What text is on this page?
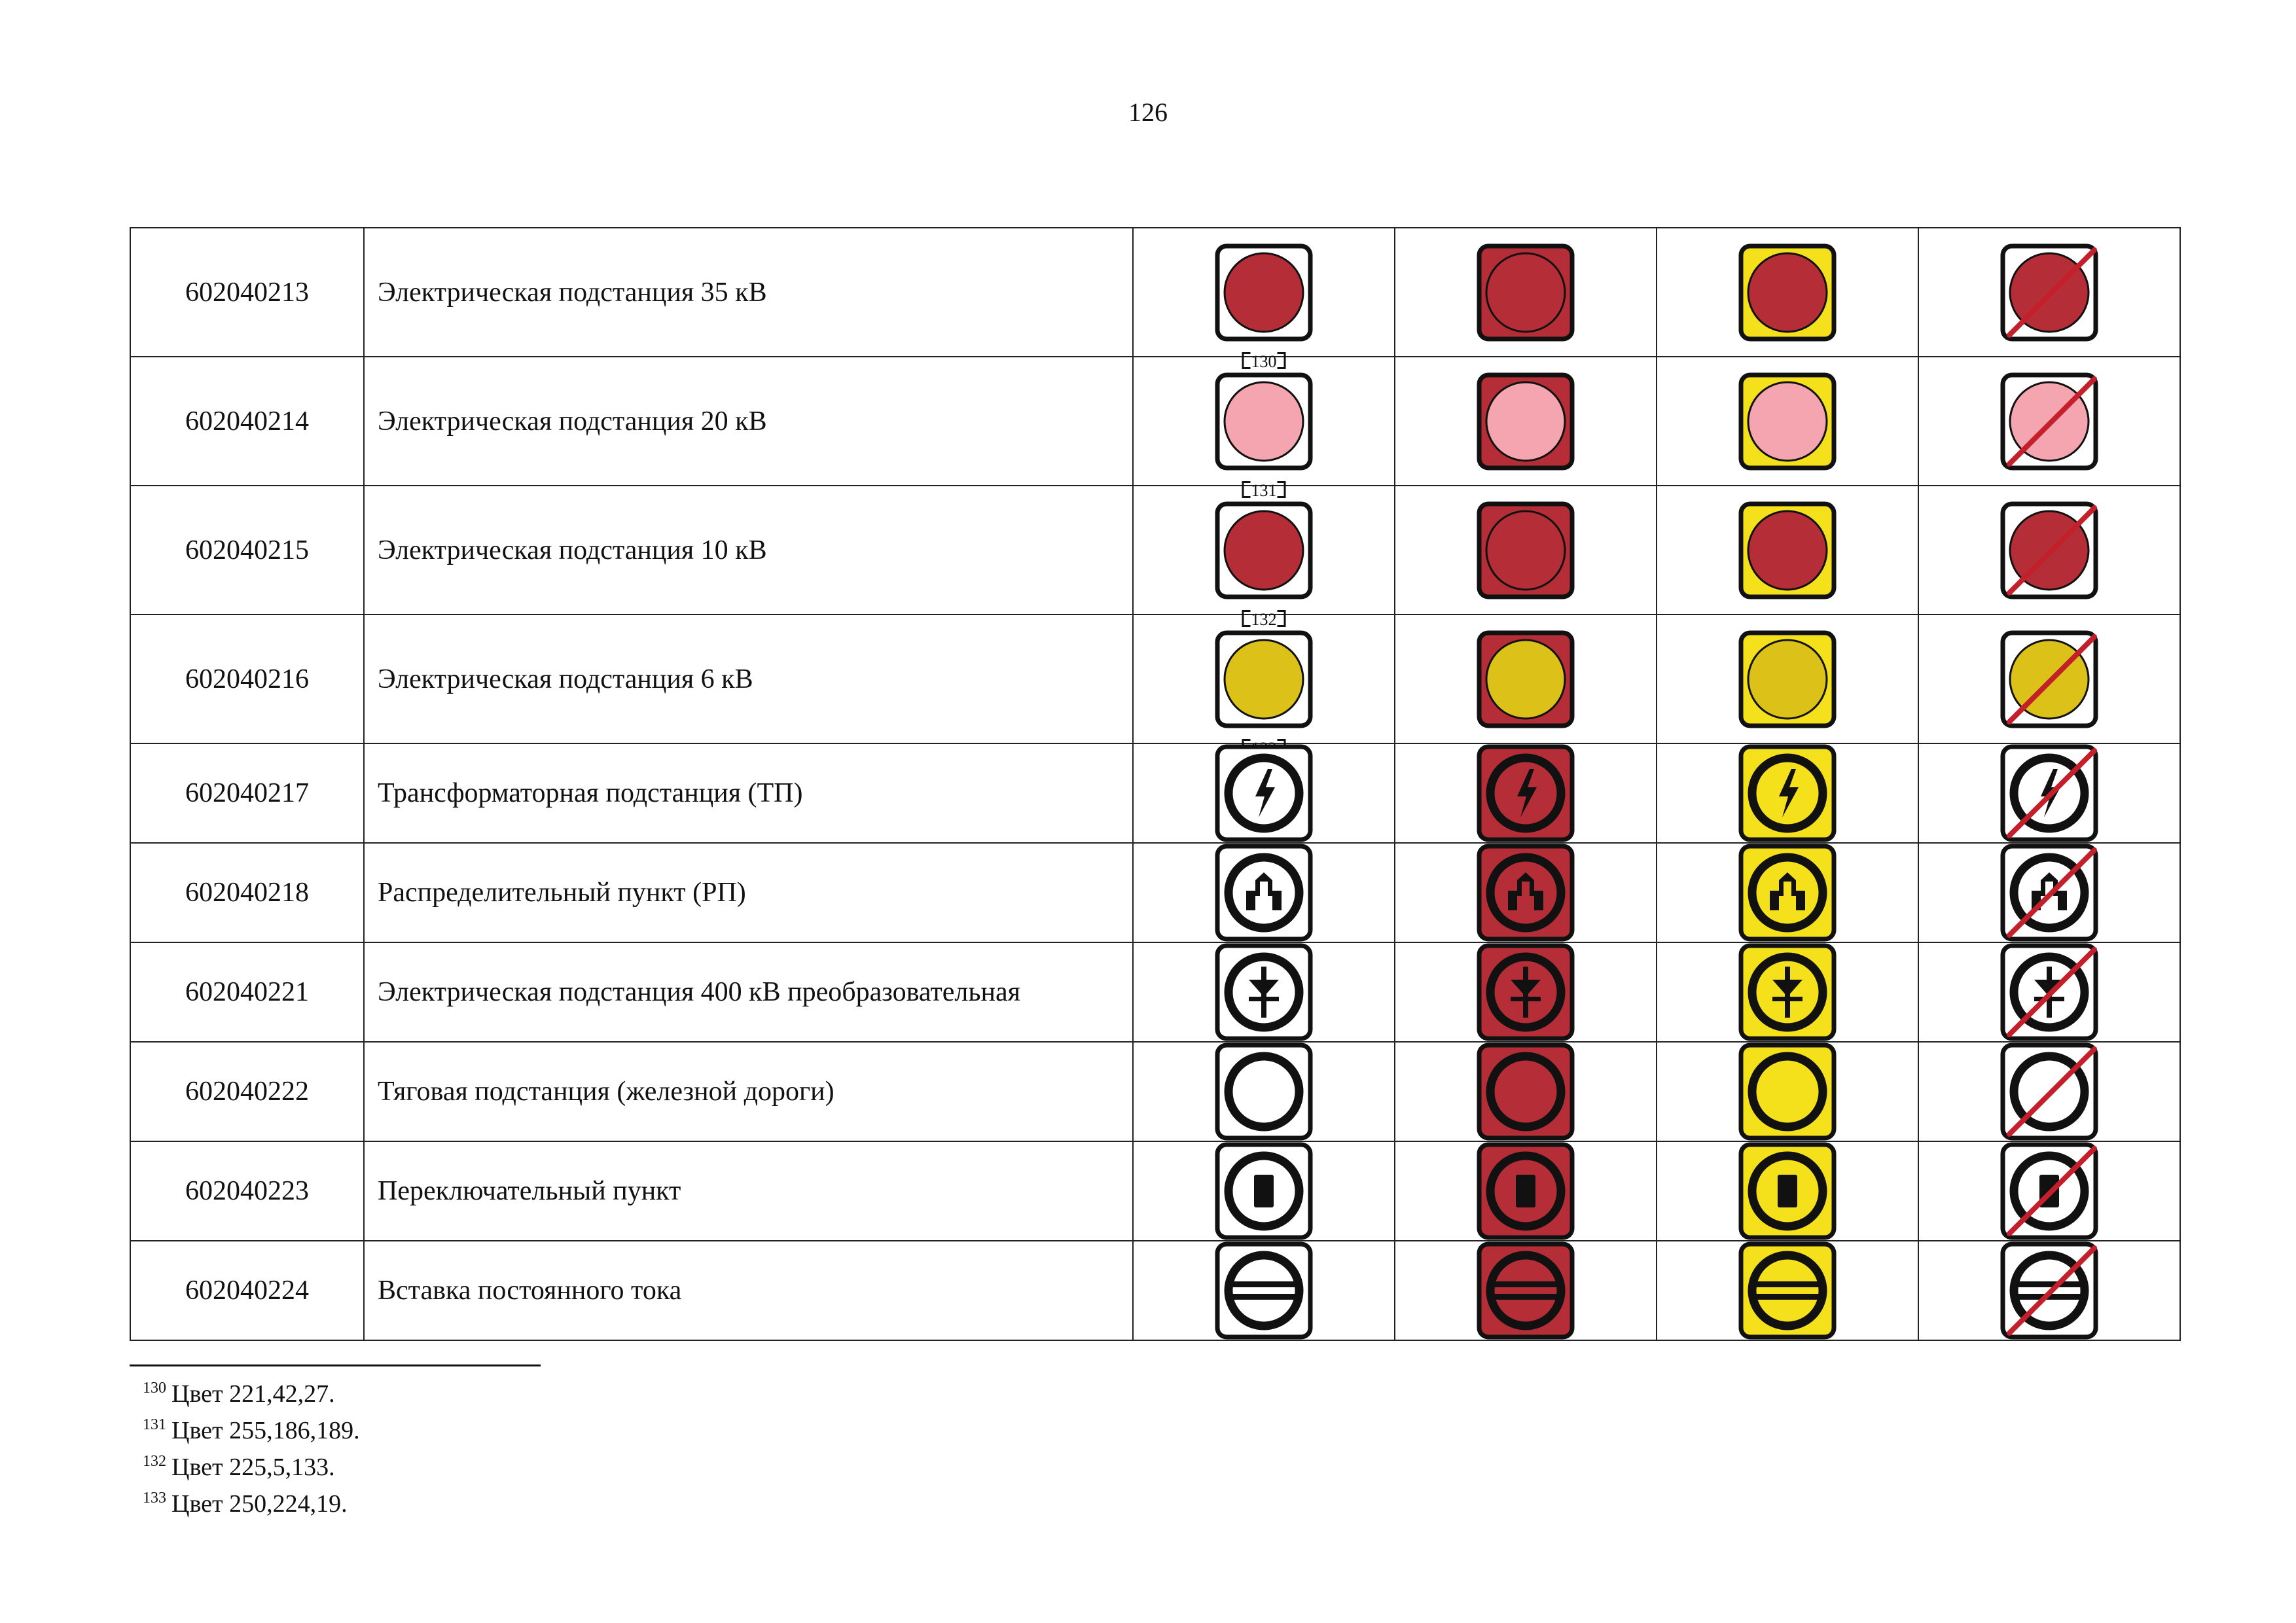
126
602040213	Электрическая подстанция 35 кВ	130

602040214	Электрическая подстанция 20 кВ	131

602040215	Электрическая подстанция 10 кВ	132

602040216	Электрическая подстанция 6 кВ	

602040217	Трансформаторная подстанция (ТП)	

602040218	Распределительный пункт (РП)	

602040221	Электрическая подстанция 400 кВ преобразовательная	

602040222	Тяговая подстанция (железной дороги)	

602040223	Переключательный пункт	

602040224	Вставка постоянного тока	

$^{130}$ Цвет 221,42,27.
$^{131}$ Цвет 255,186,189.
$^{132}$ Цвет 225,5,133.
$^{133}$ Цвет 250,224,19.
